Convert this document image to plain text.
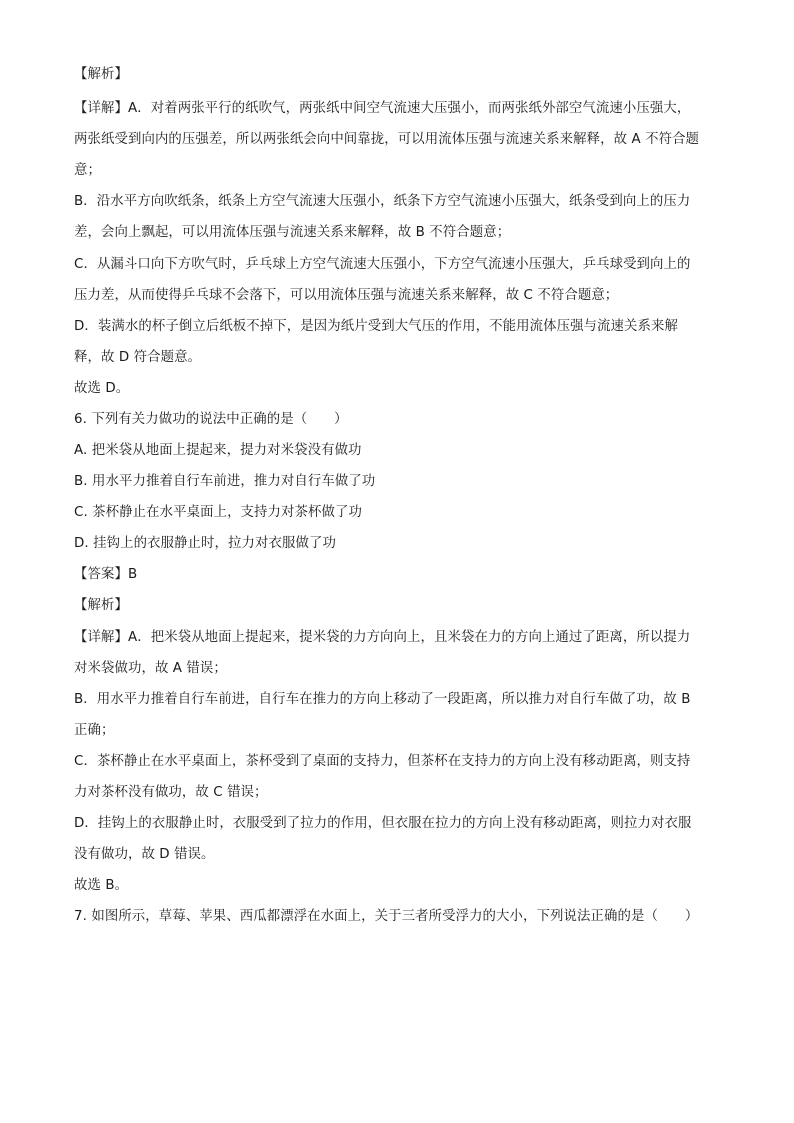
【解析】
【详解】A．对着两张平行的纸吹气，两张纸中间空气流速大压强小，而两张纸外部空气流速小压强大，
两张纸受到向内的压强差，所以两张纸会向中间靠拢，可以用流体压强与流速关系来解释，故 A 不符合题
意；
B．沿水平方向吹纸条，纸条上方空气流速大压强小，纸条下方空气流速小压强大，纸条受到向上的压力
差，会向上飘起，可以用流体压强与流速关系来解释，故 B 不符合题意；
C．从漏斗口向下方吹气时，乒乓球上方空气流速大压强小，下方空气流速小压强大，乒乓球受到向上的
压力差，从而使得乒乓球不会落下，可以用流体压强与流速关系来解释，故 C 不符合题意；
D．装满水的杯子倒立后纸板不掉下，是因为纸片受到大气压的作用，不能用流体压强与流速关系来解
释，故 D 符合题意。
故选 D。
6. 下列有关力做功的说法中正确的是（　　）
A. 把米袋从地面上提起来，提力对米袋没有做功
B. 用水平力推着自行车前进，推力对自行车做了功
C. 茶杯静止在水平桌面上，支持力对茶杯做了功
D. 挂钩上的衣服静止时，拉力对衣服做了功
【答案】B
【解析】
【详解】A．把米袋从地面上提起来，提米袋的力方向向上，且米袋在力的方向上通过了距离，所以提力
对米袋做功，故 A 错误；
B．用水平力推着自行车前进，自行车在推力的方向上移动了一段距离，所以推力对自行车做了功，故 B
正确；
C．茶杯静止在水平桌面上，茶杯受到了桌面的支持力，但茶杯在支持力的方向上没有移动距离，则支持
力对茶杯没有做功，故 C 错误；
D．挂钩上的衣服静止时，衣服受到了拉力的作用，但衣服在拉力的方向上没有移动距离，则拉力对衣服
没有做功，故 D 错误。
故选 B。
7. 如图所示，草莓、苹果、西瓜都漂浮在水面上，关于三者所受浮力的大小，下列说法正确的是（　　）
